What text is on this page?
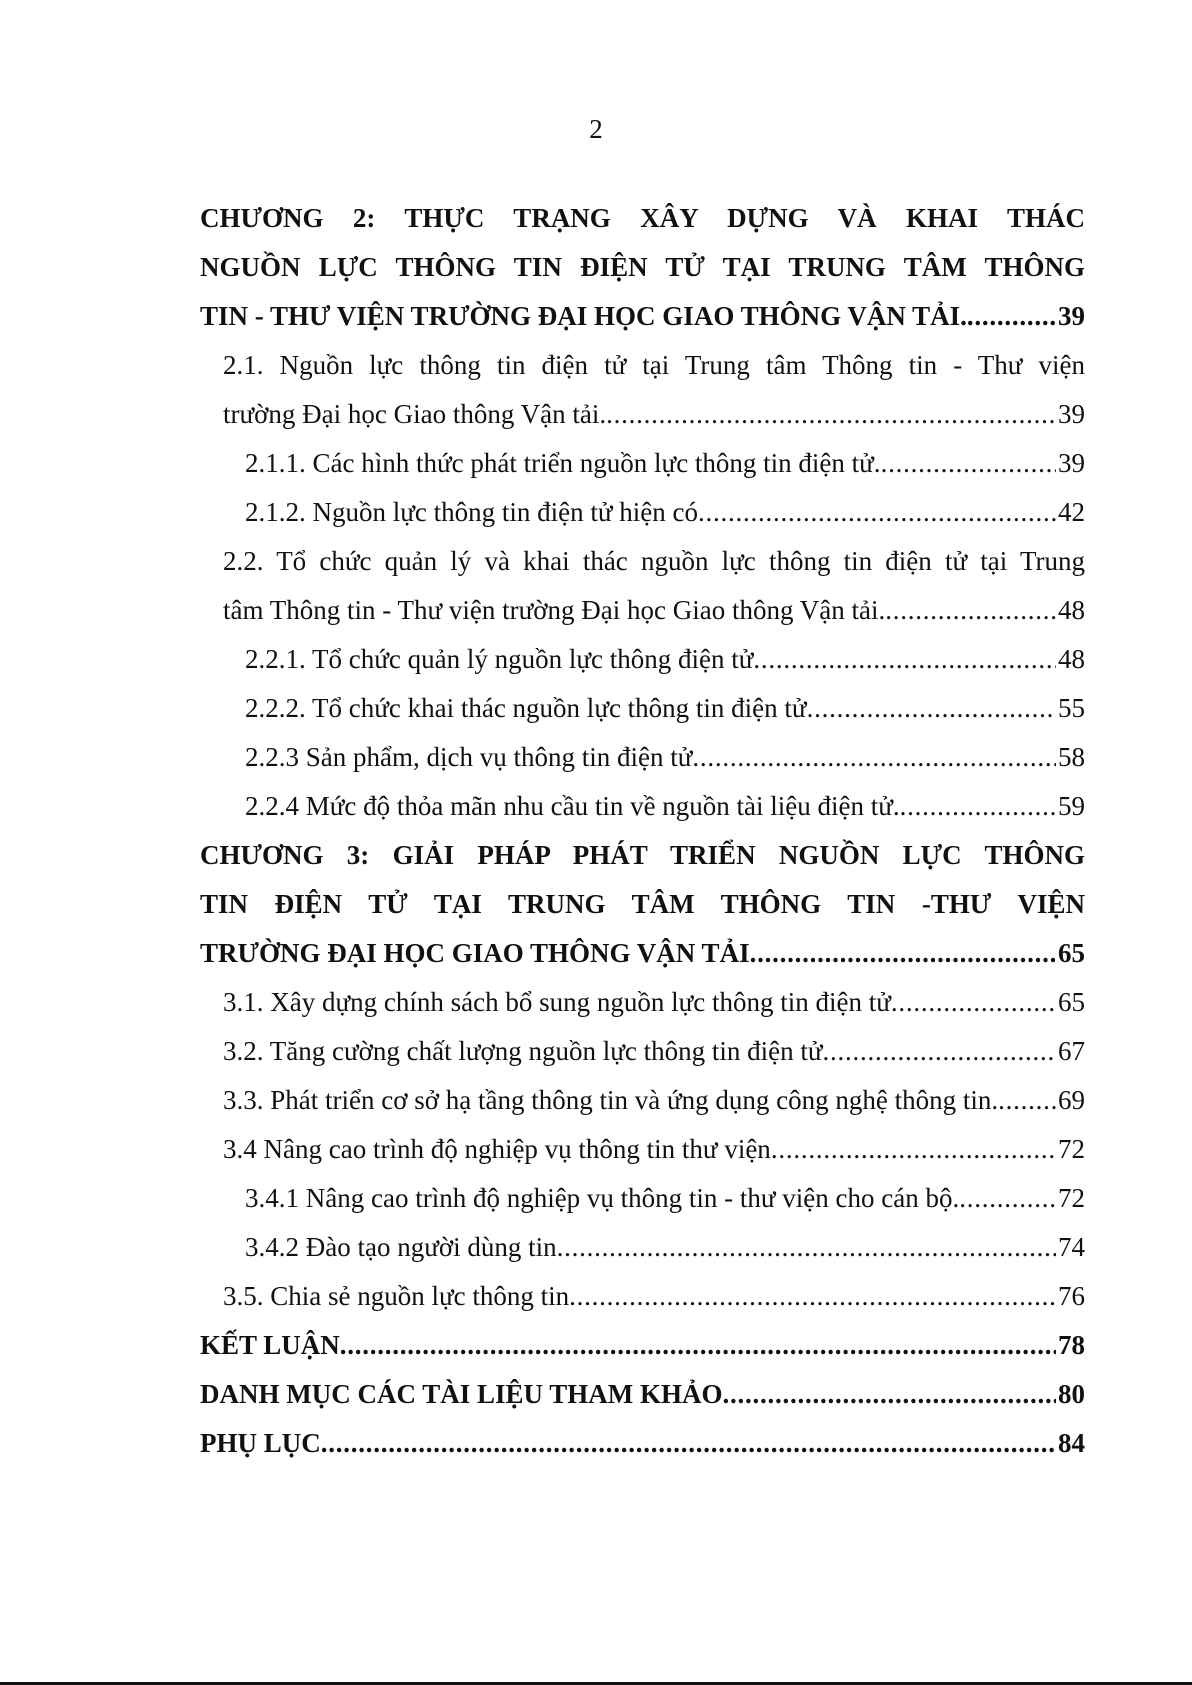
2
CHƯƠNG 2: THỰC TRẠNG XÂY DỰNG VÀ KHAI THÁC
NGUỒN LỰC THÔNG TIN ĐIỆN TỬ TẠI TRUNG TÂM THÔNG
TIN - THƯ VIỆN TRƯỜNG ĐẠI HỌC GIAO THÔNG VẬN TẢI. . . .	39
2.1. Nguồn lực thông tin điện tử tại Trung tâm Thông tin - Thư viện
trường Đại học Giao thông Vận tải. . . .	39
2.1.1. Các hình thức phát triển nguồn lực thông tin điện tử. . . .	39
2.1.2. Nguồn lực thông tin điện tử hiện có . . .	42
2.2. Tổ chức quản lý và khai thác nguồn lực thông tin điện tử tại Trung
tâm Thông tin - Thư viện trường Đại học Giao thông Vận tải. . . .	48
2.2.1. Tổ chức quản lý nguồn lực thông điện tử . . .	48
2.2.2. Tổ chức khai thác nguồn lực thông tin điện tử . . .	55
2.2.3 Sản phẩm, dịch vụ thông tin điện tử . . .	58
2.2.4 Mức độ thỏa mãn nhu cầu tin về nguồn tài liệu điện tử. . . .	59
CHƯƠNG 3: GIẢI PHÁP PHÁT TRIỂN NGUỒN LỰC THÔNG
TIN ĐIỆN TỬ TẠI TRUNG TÂM THÔNG TIN -THƯ VIỆN
TRƯỜNG ĐẠI HỌC GIAO THÔNG VẬN TẢI . . .	65
3.1. Xây dựng chính sách bổ sung nguồn lực thông tin điện tử . . .	65
3.2. Tăng cường chất lượng nguồn lực thông tin điện tử . . .	67
3.3. Phát triển cơ sở hạ tầng thông tin và ứng dụng công nghệ thông tin. . . . 69
3.4 Nâng cao trình độ nghiệp vụ thông tin thư viện . . .	72
3.4.1 Nâng cao trình độ nghiệp vụ thông tin - thư viện cho cán bộ. . . .	72
3.4.2 Đào tạo người dùng tin . . .	74
3.5. Chia sẻ nguồn lực thông tin . . .	76
KẾT LUẬN . . .	78
DANH MỤC CÁC TÀI LIỆU THAM KHẢO . . .	80
PHỤ LỤC . . .	84
